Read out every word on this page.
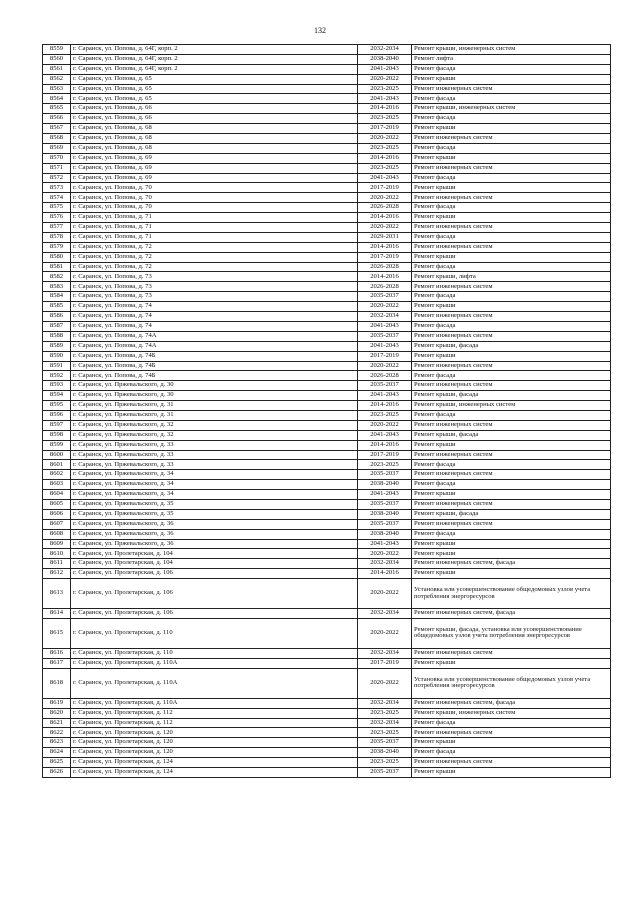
132
8559	г. Саранск, ул. Попова, д. 64Г, корп. 2	2032-2034	Ремонт крыши, инженерных систем
8560	г. Саранск, ул. Попова, д. 64Г, корп. 2	2038-2040	Ремонт лифта
8561	г. Саранск, ул. Попова, д. 64Г, корп. 2	2041-2043	Ремонт фасада
8562	г. Саранск, ул. Попова, д. 65	2020-2022	Ремонт крыши
8563	г. Саранск, ул. Попова, д. 65	2023-2025	Ремонт инженерных систем
8564	г. Саранск, ул. Попова, д. 65	2041-2043	Ремонт фасада
8565	г. Саранск, ул. Попова, д. 66	2014-2016	Ремонт крыши, инженерных систем
8566	г. Саранск, ул. Попова, д. 66	2023-2025	Ремонт фасада
8567	г. Саранск, ул. Попова, д. 68	2017-2019	Ремонт крыши
8568	г. Саранск, ул. Попова, д. 68	2020-2022	Ремонт инженерных систем
8569	г. Саранск, ул. Попова, д. 68	2023-2025	Ремонт фасада
8570	г. Саранск, ул. Попова, д. 69	2014-2016	Ремонт крыши
8571	г. Саранск, ул. Попова, д. 69	2023-2025	Ремонт инженерных систем
8572	г. Саранск, ул. Попова, д. 69	2041-2043	Ремонт фасада
8573	г. Саранск, ул. Попова, д. 70	2017-2019	Ремонт крыши
8574	г. Саранск, ул. Попова, д. 70	2020-2022	Ремонт инженерных систем
8575	г. Саранск, ул. Попова, д. 70	2026-2028	Ремонт фасада
8576	г. Саранск, ул. Попова, д. 71	2014-2016	Ремонт крыши
8577	г. Саранск, ул. Попова, д. 71	2020-2022	Ремонт инженерных систем
8578	г. Саранск, ул. Попова, д. 71	2029-2031	Ремонт фасада
8579	г. Саранск, ул. Попова, д. 72	2014-2016	Ремонт инженерных систем
8580	г. Саранск, ул. Попова, д. 72	2017-2019	Ремонт крыши
8581	г. Саранск, ул. Попова, д. 72	2026-2028	Ремонт фасада
8582	г. Саранск, ул. Попова, д. 73	2014-2016	Ремонт крыши, лифта
8583	г. Саранск, ул. Попова, д. 73	2026-2028	Ремонт инженерных систем
8584	г. Саранск, ул. Попова, д. 73	2035-2037	Ремонт фасада
8585	г. Саранск, ул. Попова, д. 74	2020-2022	Ремонт крыши
8586	г. Саранск, ул. Попова, д. 74	2032-2034	Ремонт инженерных систем
8587	г. Саранск, ул. Попова, д. 74	2041-2043	Ремонт фасада
8588	г. Саранск, ул. Попова, д. 74А	2035-2037	Ремонт инженерных систем
8589	г. Саранск, ул. Попова, д. 74А	2041-2043	Ремонт крыши, фасада
8590	г. Саранск, ул. Попова, д. 74Б	2017-2019	Ремонт крыши
8591	г. Саранск, ул. Попова, д. 74Б	2020-2022	Ремонт инженерных систем
8592	г. Саранск, ул. Попова, д. 74Б	2026-2028	Ремонт фасада
8593	г. Саранск, ул. Пржевальского, д. 30	2035-2037	Ремонт инженерных систем
8594	г. Саранск, ул. Пржевальского, д. 30	2041-2043	Ремонт крыши, фасада
8595	г. Саранск, ул. Пржевальского, д. 31	2014-2016	Ремонт крыши, инженерных систем
8596	г. Саранск, ул. Пржевальского, д. 31	2023-2025	Ремонт фасада
8597	г. Саранск, ул. Пржевальского, д. 32	2020-2022	Ремонт инженерных систем
8598	г. Саранск, ул. Пржевальского, д. 32	2041-2043	Ремонт крыши, фасада
8599	г. Саранск, ул. Пржевальского, д. 33	2014-2016	Ремонт крыши
8600	г. Саранск, ул. Пржевальского, д. 33	2017-2019	Ремонт инженерных систем
8601	г. Саранск, ул. Пржевальского, д. 33	2023-2025	Ремонт фасада
8602	г. Саранск, ул. Пржевальского, д. 34	2035-2037	Ремонт инженерных систем
8603	г. Саранск, ул. Пржевальского, д. 34	2038-2040	Ремонт фасада
8604	г. Саранск, ул. Пржевальского, д. 34	2041-2043	Ремонт крыши
8605	г. Саранск, ул. Пржевальского, д. 35	2035-2037	Ремонт инженерных систем
8606	г. Саранск, ул. Пржевальского, д. 35	2038-2040	Ремонт крыши, фасада
8607	г. Саранск, ул. Пржевальского, д. 36	2035-2037	Ремонт инженерных систем
8608	г. Саранск, ул. Пржевальского, д. 36	2038-2040	Ремонт фасада
8609	г. Саранск, ул. Пржевальского, д. 36	2041-2043	Ремонт крыши
8610	г. Саранск, ул. Пролетарская, д. 104	2020-2022	Ремонт крыши
8611	г. Саранск, ул. Пролетарская, д. 104	2032-2034	Ремонт инженерных систем, фасада
8612	г. Саранск, ул. Пролетарская, д. 106	2014-2016	Ремонт крыши
8613	г. Саранск, ул. Пролетарская, д. 106	2020-2022	Установка или усовершенствование общедомовых узлов учета потребления энергоресурсов
8614	г. Саранск, ул. Пролетарская, д. 106	2032-2034	Ремонт инженерных систем, фасада
8615	г. Саранск, ул. Пролетарская, д. 110	2020-2022	Ремонт крыши, фасада, установка или усовершенствование общедомовых узлов учета потребления энергоресурсов
8616	г. Саранск, ул. Пролетарская, д. 110	2032-2034	Ремонт инженерных систем
8617	г. Саранск, ул. Пролетарская, д. 110А	2017-2019	Ремонт крыши
8618	г. Саранск, ул. Пролетарская, д. 110А	2020-2022	Установка или усовершенствование общедомовых узлов учета потребления энергоресурсов
8619	г. Саранск, ул. Пролетарская, д. 110А	2032-2034	Ремонт инженерных систем, фасада
8620	г. Саранск, ул. Пролетарская, д. 112	2023-2025	Ремонт крыши, инженерных систем
8621	г. Саранск, ул. Пролетарская, д. 112	2032-2034	Ремонт фасада
8622	г. Саранск, ул. Пролетарская, д. 120	2023-2025	Ремонт инженерных систем
8623	г. Саранск, ул. Пролетарская, д. 120	2035-2037	Ремонт крыши
8624	г. Саранск, ул. Пролетарская, д. 120	2038-2040	Ремонт фасада
8625	г. Саранск, ул. Пролетарская, д. 124	2023-2025	Ремонт инженерных систем
8626	г. Саранск, ул. Пролетарская, д. 124	2035-2037	Ремонт крыши
